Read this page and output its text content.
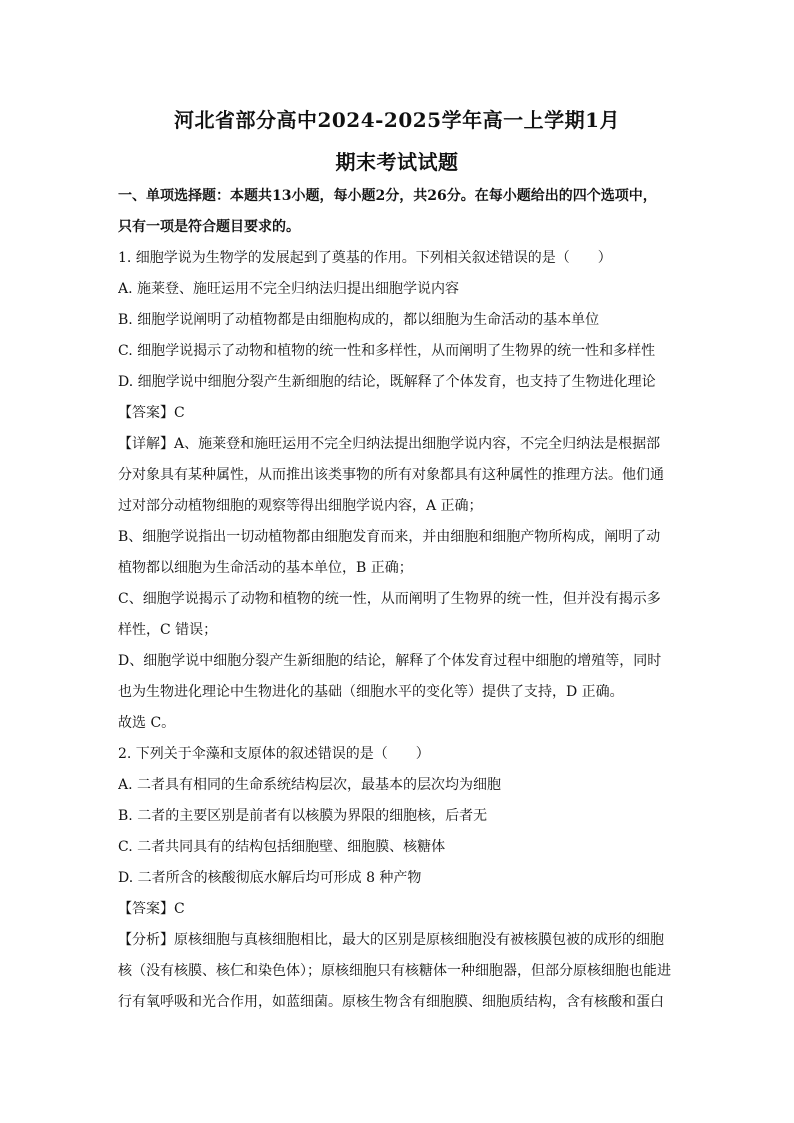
河北省部分高中2024-2025学年高一上学期1月
期末考试试题
一、单项选择题：本题共13小题，每小题2分，共26分。在每小题给出的四个选项中，
只有一项是符合题目要求的。
1. 细胞学说为生物学的发展起到了奠基的作用。下列相关叙述错误的是（　　）
A. 施莱登、施旺运用不完全归纳法归提出细胞学说内容
B. 细胞学说阐明了动植物都是由细胞构成的，都以细胞为生命活动的基本单位
C. 细胞学说揭示了动物和植物的统一性和多样性，从而阐明了生物界的统一性和多样性
D. 细胞学说中细胞分裂产生新细胞的结论，既解释了个体发育，也支持了生物进化理论
【答案】C
【详解】A、施莱登和施旺运用不完全归纳法提出细胞学说内容，不完全归纳法是根据部
分对象具有某种属性，从而推出该类事物的所有对象都具有这种属性的推理方法。他们通
过对部分动植物细胞的观察等得出细胞学说内容，A 正确；
B、细胞学说指出一切动植物都由细胞发育而来，并由细胞和细胞产物所构成，阐明了动
植物都以细胞为生命活动的基本单位，B 正确；
C、细胞学说揭示了动物和植物的统一性，从而阐明了生物界的统一性，但并没有揭示多
样性，C 错误；
D、细胞学说中细胞分裂产生新细胞的结论，解释了个体发育过程中细胞的增殖等，同时
也为生物进化理论中生物进化的基础（细胞水平的变化等）提供了支持，D 正确。
故选 C。
2. 下列关于伞藻和支原体的叙述错误的是（　　）
A. 二者具有相同的生命系统结构层次，最基本的层次均为细胞
B. 二者的主要区别是前者有以核膜为界限的细胞核，后者无
C. 二者共同具有的结构包括细胞壁、细胞膜、核糖体
D. 二者所含的核酸彻底水解后均可形成 8 种产物
【答案】C
【分析】原核细胞与真核细胞相比，最大的区别是原核细胞没有被核膜包被的成形的细胞
核（没有核膜、核仁和染色体）；原核细胞只有核糖体一种细胞器，但部分原核细胞也能进
行有氧呼吸和光合作用，如蓝细菌。原核生物含有细胞膜、细胞质结构，含有核酸和蛋白
